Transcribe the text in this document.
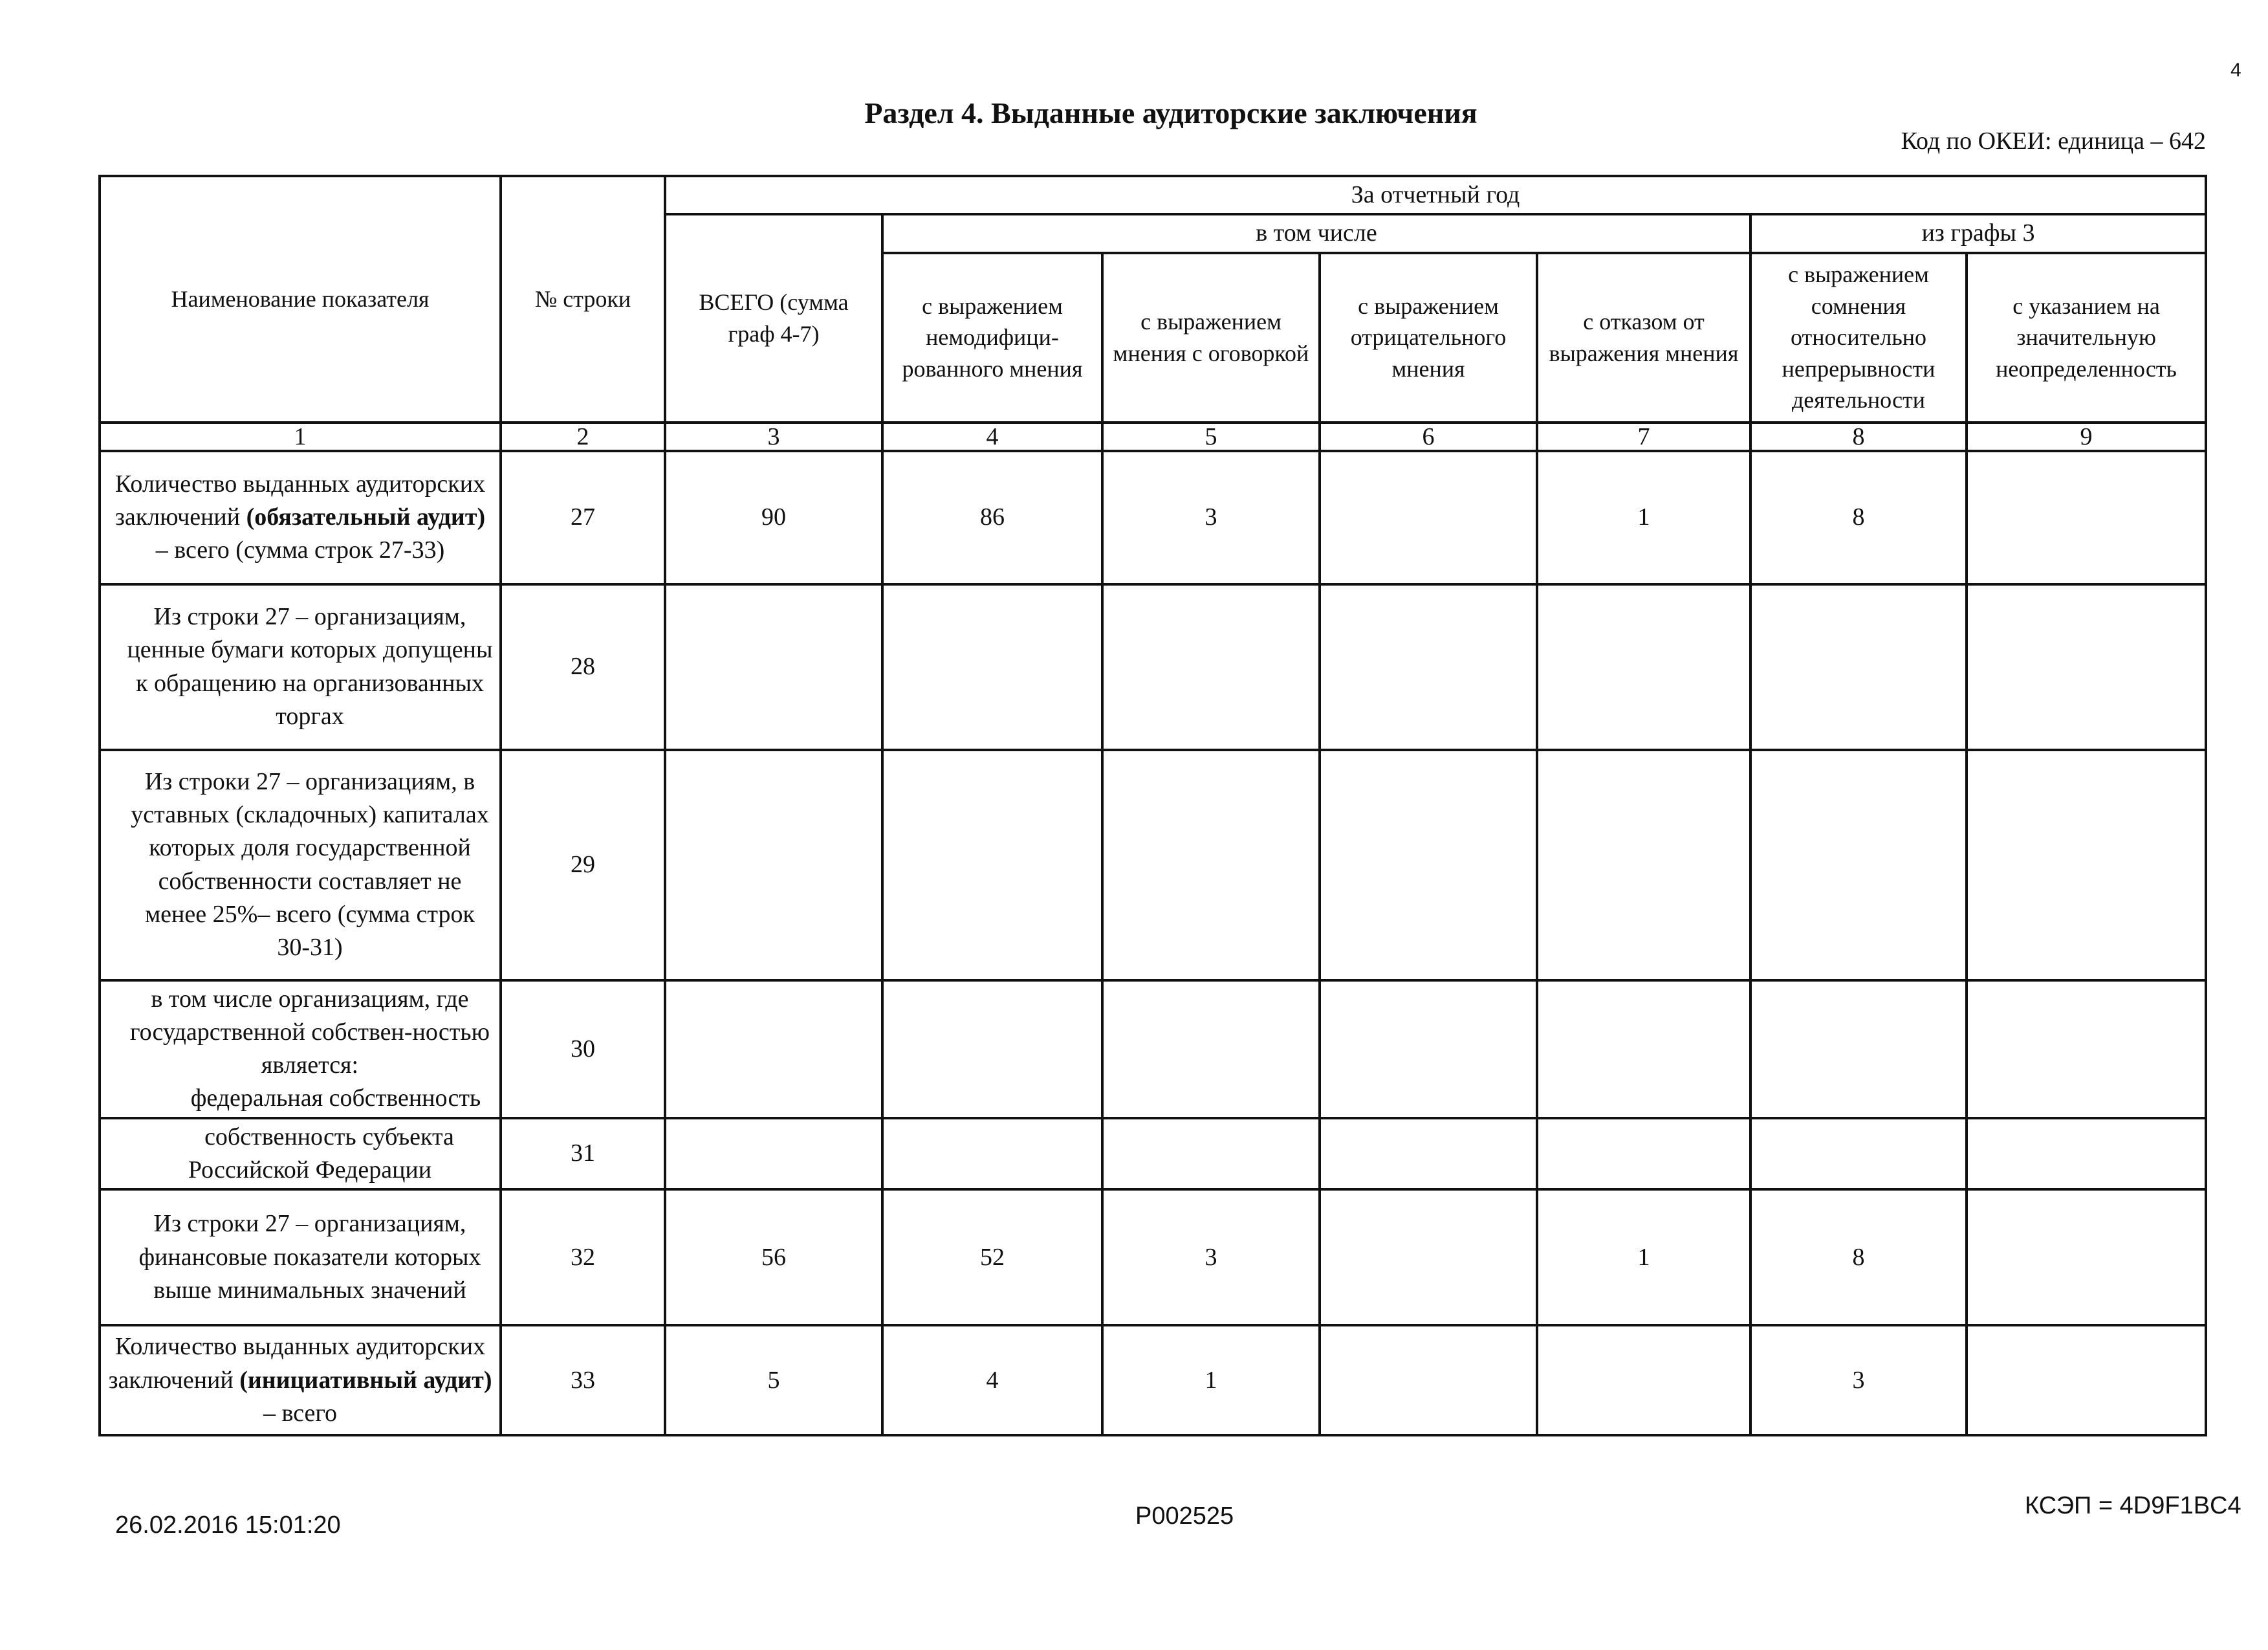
4
Раздел 4. Выданные аудиторские заключения
Код по ОКЕИ: единица – 642
Наименование показателя	№ строки	За отчетный год						
		ВСЕГО (сумма граф 4-7)	в том числе				из графы 3	
			с выражением немодифици-рованного мнения	с выражением мнения с оговоркой	с выражением отрицательного мнения	с отказом от выражения мнения	с выражением сомнения относительно непрерывности деятельности	с указанием на значительную неопределенность
1	2	3	4	5	6	7	8	9
Количество выданных аудиторских заключений (обязательный аудит) – всего (сумма строк 27-33)	27	90	86	3		1	8	
Из строки 27 – организациям, ценные бумаги которых допущены к обращению на организованных торгах	28							
Из строки 27 – организациям, в уставных (складочных) капиталах которых доля государственной собственности составляет не менее 25%– всего (сумма строк 30-31)	29							
в том числе организациям, где государственной собствен-ностью является:
федеральная собственность	30							

собственность субъекта
Российской Федерации	31							
Из строки 27 – организациям, финансовые показатели которых выше минимальных значений	32	56	52	3		1	8	
Количество выданных аудиторских заключений (инициативный аудит) – всего	33	5	4	1			3	
26.02.2016 15:01:20	Р002525	КСЭП = 4D9F1BC4
